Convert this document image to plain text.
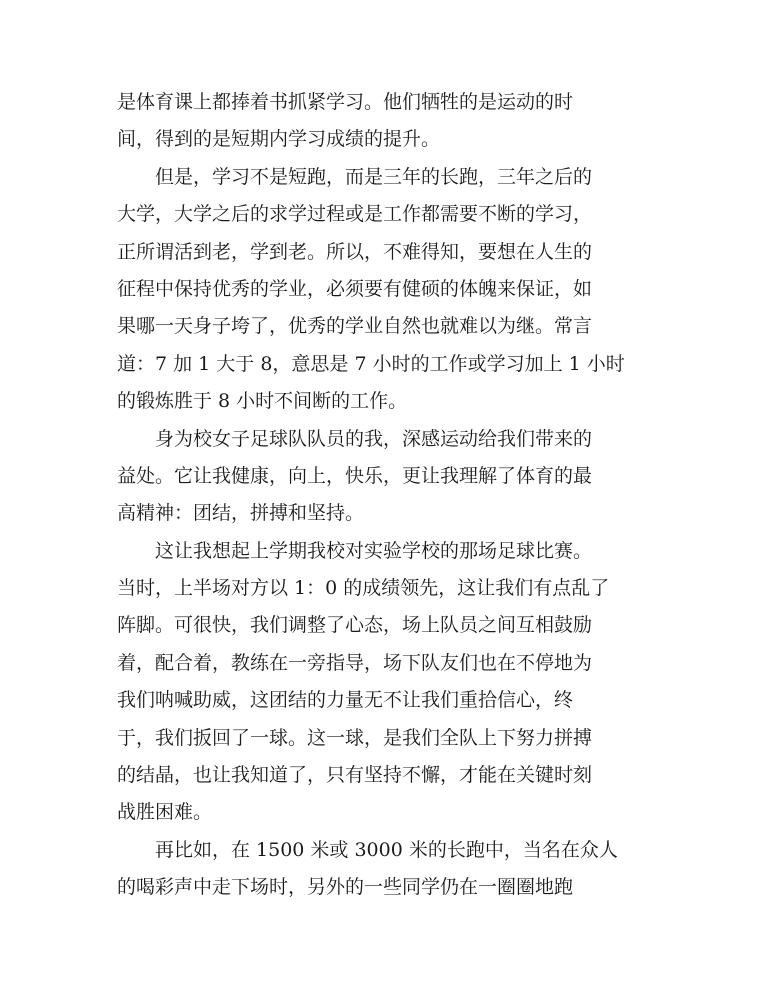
是体育课上都捧着书抓紧学习。他们牺牲的是运动的时
间，得到的是短期内学习成绩的提升。
但是，学习不是短跑，而是三年的长跑，三年之后的
大学，大学之后的求学过程或是工作都需要不断的学习，
正所谓活到老，学到老。所以，不难得知，要想在人生的
征程中保持优秀的学业，必须要有健硕的体魄来保证，如
果哪一天身子垮了，优秀的学业自然也就难以为继。常言
道：7 加 1 大于 8，意思是 7 小时的工作或学习加上 1 小时
的锻炼胜于 8 小时不间断的工作。
身为校女子足球队队员的我，深感运动给我们带来的
益处。它让我健康，向上，快乐，更让我理解了体育的最
高精神：团结，拼搏和坚持。
这让我想起上学期我校对实验学校的那场足球比赛。
当时，上半场对方以 1：0 的成绩领先，这让我们有点乱了
阵脚。可很快，我们调整了心态，场上队员之间互相鼓励
着，配合着，教练在一旁指导，场下队友们也在不停地为
我们呐喊助威，这团结的力量无不让我们重拾信心，终
于，我们扳回了一球。这一球，是我们全队上下努力拼搏
的结晶，也让我知道了，只有坚持不懈，才能在关键时刻
战胜困难。
再比如，在 1500 米或 3000 米的长跑中，当名在众人
的喝彩声中走下场时，另外的一些同学仍在一圈圈地跑
